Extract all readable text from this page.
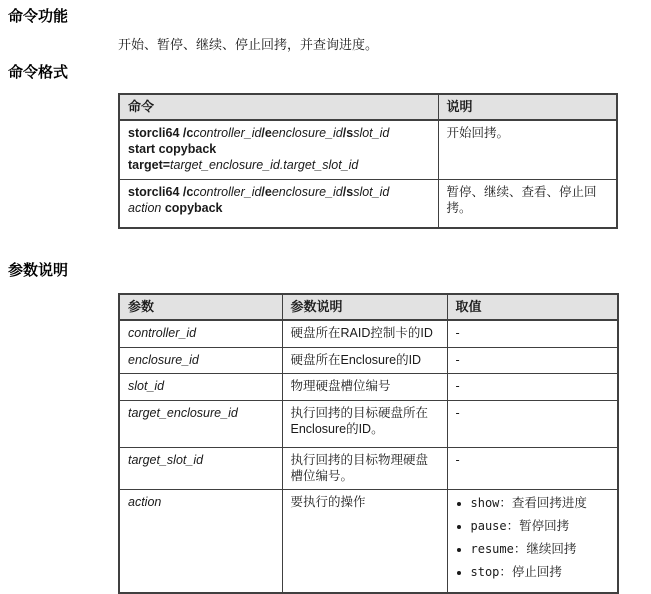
命令功能

开始、暂停、继续、停止回拷，并查询进度。

命令格式
命令	说明

storcli64 /ccontroller_id/eenclosure_id/sslot_id
start copyback
target=target_enclosure_id.target_slot_id	开始回拷。

storcli64 /ccontroller_id/eenclosure_id/sslot_id
action copyback	暂停、继续、查看、停止回拷。
参数说明
参数	参数说明	取值
controller_id	硬盘所在RAID控制卡的ID	-
enclosure_id	硬盘所在Enclosure的ID	-
slot_id	物理硬盘槽位编号	-
target_enclosure_id	执行回拷的目标硬盘所在Enclosure的ID。	-
target_slot_id	执行回拷的目标物理硬盘槽位编号。	-
action	要执行的操作	
•show：查看回拷进度
• pause：暂停回拷
• resume：继续回拷
• stop：停止回拷
